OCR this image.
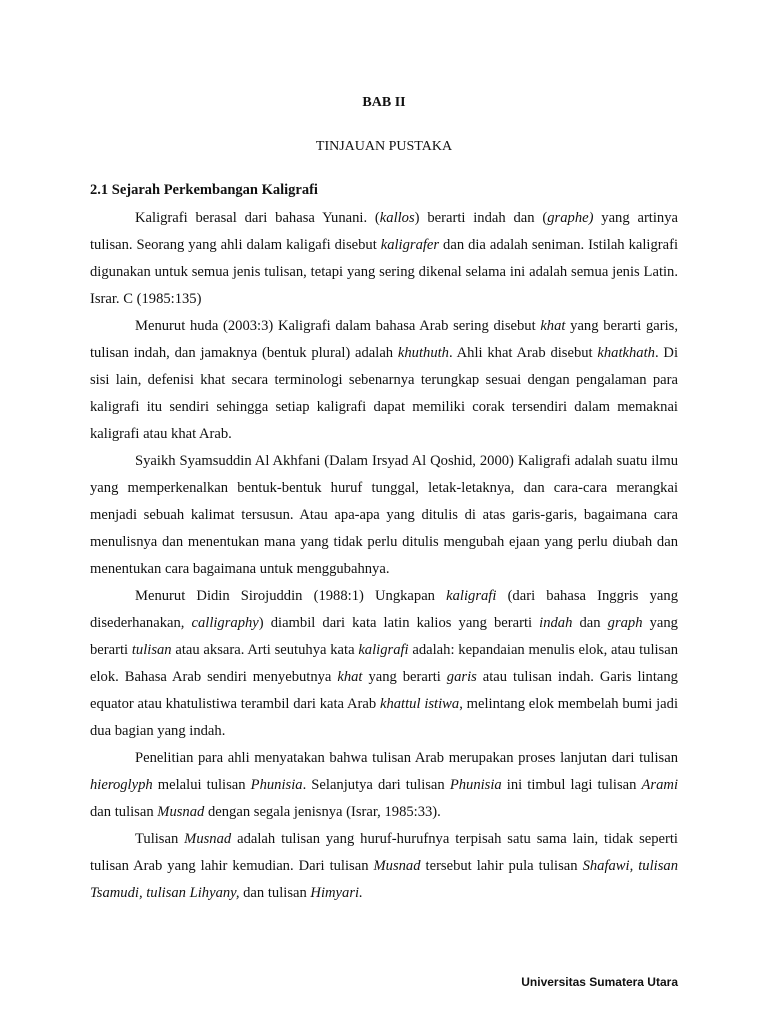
BAB II
TINJAUAN PUSTAKA
2.1 Sejarah Perkembangan Kaligrafi

Kaligrafi berasal dari bahasa Yunani. (kallos) berarti indah dan (graphe) yang artinya tulisan. Seorang yang ahli dalam kaligafi disebut kaligrafer dan dia adalah seniman. Istilah kaligrafi digunakan untuk semua jenis tulisan, tetapi yang sering dikenal selama ini adalah semua jenis Latin. Israr. C (1985:135)

Menurut huda (2003:3) Kaligrafi dalam bahasa Arab sering disebut khat yang berarti garis, tulisan indah, dan jamaknya (bentuk plural) adalah khuthuth. Ahli khat Arab disebut khatkhath. Di sisi lain, defenisi khat secara terminologi sebenarnya terungkap sesuai dengan pengalaman para kaligrafi itu sendiri sehingga setiap kaligrafi dapat memiliki corak tersendiri dalam memaknai kaligrafi atau khat Arab.

Syaikh Syamsuddin Al Akhfani (Dalam Irsyad Al Qoshid, 2000) Kaligrafi adalah suatu ilmu yang memperkenalkan bentuk-bentuk huruf tunggal, letak-letaknya, dan cara-cara merangkai menjadi sebuah kalimat tersusun. Atau apa-apa yang ditulis di atas garis-garis, bagaimana cara menulisnya dan menentukan mana yang tidak perlu ditulis mengubah ejaan yang perlu diubah dan menentukan cara bagaimana untuk menggubahnya.

Menurut Didin Sirojuddin (1988:1) Ungkapan kaligrafi (dari bahasa Inggris yang disederhanakan, calligraphy) diambil dari kata latin kalios yang berarti indah dan graph yang berarti tulisan atau aksara. Arti seutuhya kata kaligrafi adalah: kepandaian menulis elok, atau tulisan elok. Bahasa Arab sendiri menyebutnya khat yang berarti garis atau tulisan indah. Garis lintang equator atau khatulistiwa terambil dari kata Arab khattul istiwa, melintang elok membelah bumi jadi dua bagian yang indah.

Penelitian para ahli menyatakan bahwa tulisan Arab merupakan proses lanjutan dari tulisan hieroglyph melalui tulisan Phunisia. Selanjutya dari tulisan Phunisia ini timbul lagi tulisan Arami dan tulisan Musnad dengan segala jenisnya (Israr, 1985:33).

Tulisan Musnad adalah tulisan yang huruf-hurufnya terpisah satu sama lain, tidak seperti tulisan Arab yang lahir kemudian. Dari tulisan Musnad tersebut lahir pula tulisan Shafawi, tulisan Tsamudi, tulisan Lihyany, dan tulisan Himyari.

Universitas Sumatera Utara
